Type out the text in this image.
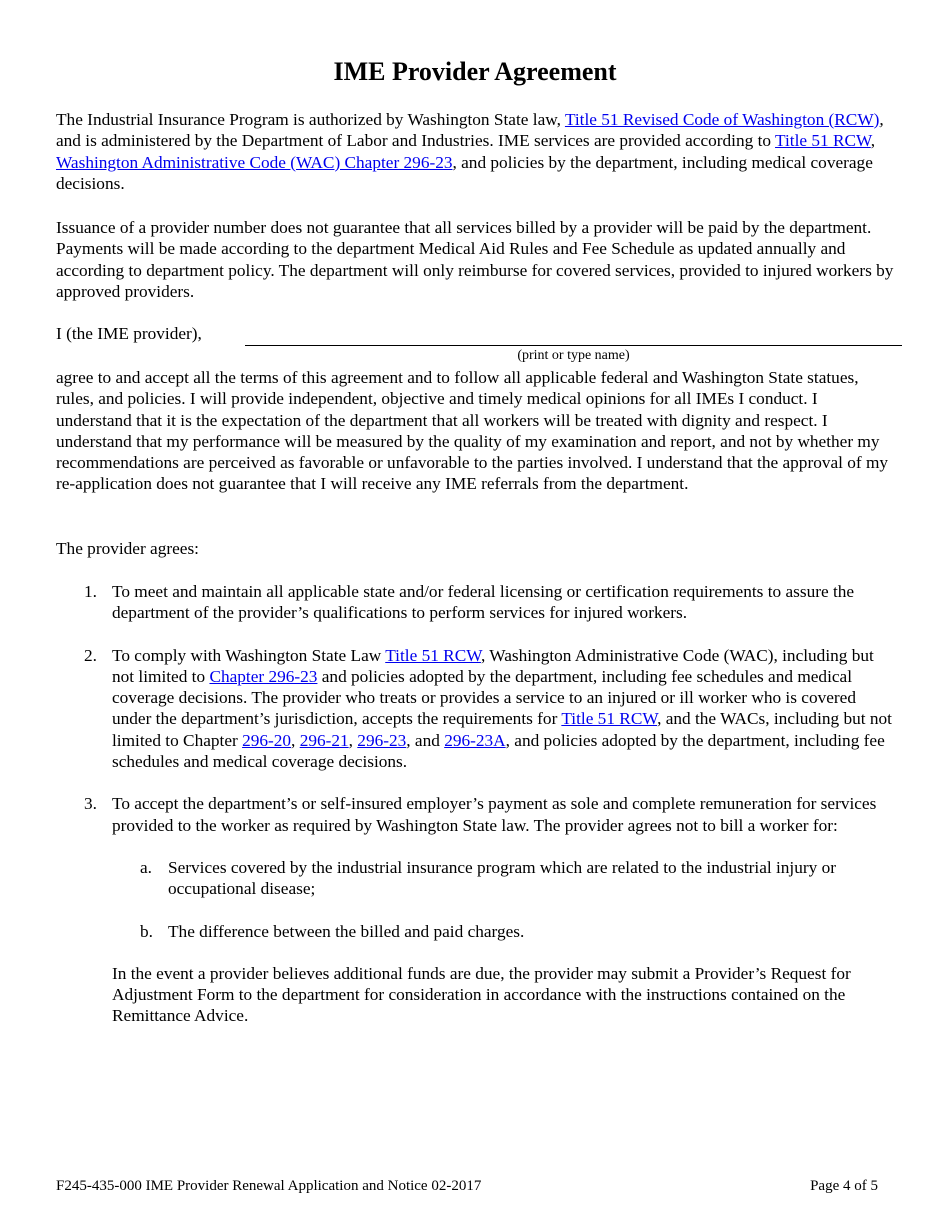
IME Provider Agreement

The Industrial Insurance Program is authorized by Washington State law, Title 51 Revised Code of Washington (RCW), and is administered by the Department of Labor and Industries. IME services are provided according to Title 51 RCW, Washington Administrative Code (WAC) Chapter 296-23, and policies by the department, including medical coverage decisions.

Issuance of a provider number does not guarantee that all services billed by a provider will be paid by the department. Payments will be made according to the department Medical Aid Rules and Fee Schedule as updated annually and according to department policy. The department will only reimburse for covered services, provided to injured workers by approved providers.

I (the IME provider),
(print or type name)

agree to and accept all the terms of this agreement and to follow all applicable federal and Washington State statues, rules, and policies. I will provide independent, objective and timely medical opinions for all IMEs I conduct. I understand that it is the expectation of the department that all workers will be treated with dignity and respect. I understand that my performance will be measured by the quality of my examination and report, and not by whether my recommendations are perceived as favorable or unfavorable to the parties involved. I understand that the approval of my re-application does not guarantee that I will receive any IME referrals from the department.

The provider agrees:

1. To meet and maintain all applicable state and/or federal licensing or certification requirements to assure the department of the provider’s qualifications to perform services for injured workers.
2. To comply with Washington State Law Title 51 RCW, Washington Administrative Code (WAC), including but not limited to Chapter 296-23 and policies adopted by the department, including fee schedules and medical coverage decisions. The provider who treats or provides a service to an injured or ill worker who is covered under the department’s jurisdiction, accepts the requirements for Title 51 RCW, and the WACs, including but not limited to Chapter 296-20, 296-21, 296-23, and 296-23A, and policies adopted by the department, including fee schedules and medical coverage decisions.
3. To accept the department’s or self-insured employer’s payment as sole and complete remuneration for services provided to the worker as required by Washington State law. The provider agrees not to bill a worker for:
a. Services covered by the industrial insurance program which are related to the industrial injury or occupational disease;
b. The difference between the billed and paid charges.

In the event a provider believes additional funds are due, the provider may submit a Provider’s Request for Adjustment Form to the department for consideration in accordance with the instructions contained on the Remittance Advice.

F245-435-000 IME Provider Renewal Application and Notice 02-2017	Page 4 of 5
